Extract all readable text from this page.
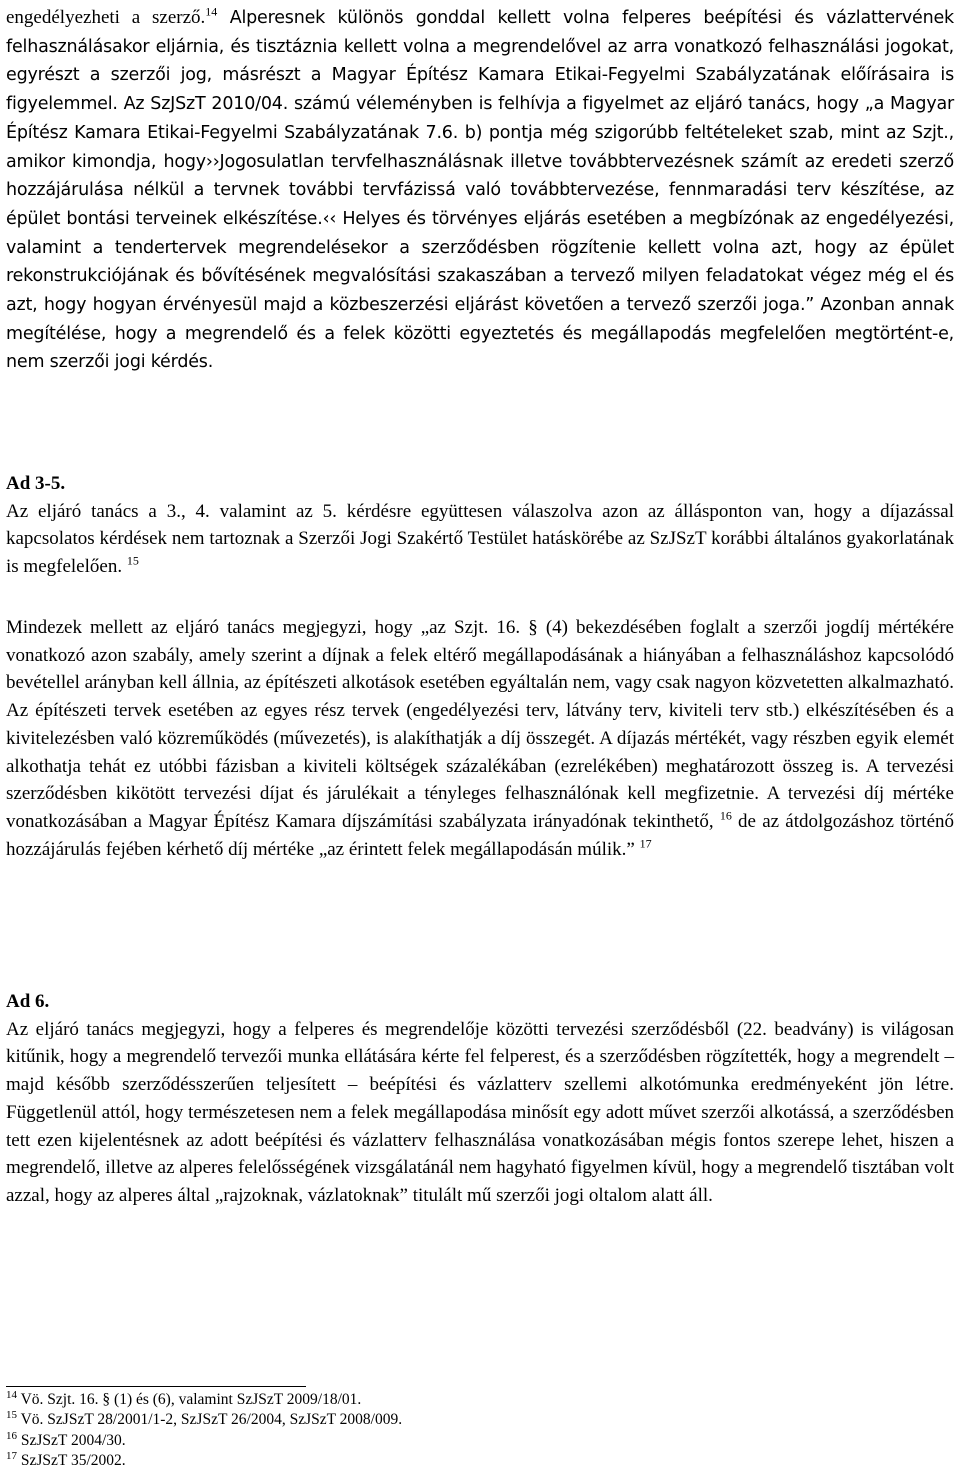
engedélyezheti a szerző.$^{14}$ Alperesnek különös gonddal kellett volna felperes beépítési és vázlattervének felhasználásakor eljárnia, és tisztáznia kellett volna a megrendelővel az arra vonatkozó felhasználási jogokat, egyrészt a szerzői jog, másrészt a Magyar Építész Kamara Etikai-Fegyelmi Szabályzatának előírásaira is figyelemmel. Az SzJSzT 2010/04. számú véleményben is felhívja a figyelmet az eljáró tanács, hogy „a Magyar Építész Kamara Etikai-Fegyelmi Szabályzatának 7.6. b) pontja még szigorúbb feltételeket szab, mint az Szjt., amikor kimondja, hogy››Jogosulatlan tervfelhasználásnak illetve továbbtervezésnek számít az eredeti szerző hozzájárulása nélkül a tervnek további tervfázissá való továbbtervezése, fennmaradási terv készítése, az épület bontási terveinek elkészítése.‹‹ Helyes és törvényes eljárás esetében a megbízónak az engedélyezési, valamint a tendertervek megrendelésekor a szerződésben rögzítenie kellett volna azt, hogy az épület rekonstrukciójának és bővítésének megvalósítási szakaszában a tervező milyen feladatokat végez még el és azt, hogy hogyan érvényesül majd a közbeszerzési eljárást követően a tervező szerzői joga.” Azonban annak megítélése, hogy a megrendelő és a felek közötti egyeztetés és megállapodás megfelelően megtörtént-e, nem szerzői jogi kérdés.

Ad 3-5.

Az eljáró tanács a 3., 4. valamint az 5. kérdésre együttesen válaszolva azon az állásponton van, hogy a díjazással kapcsolatos kérdések nem tartoznak a Szerzői Jogi Szakértő Testület hatáskörébe az SzJSzT korábbi általános gyakorlatának is megfelelően. $^{15}$

Mindezek mellett az eljáró tanács megjegyzi, hogy „az Szjt. 16. § (4) bekezdésében foglalt a szerzői jogdíj mértékére vonatkozó azon szabály, amely szerint a díjnak a felek eltérő megállapodásának a hiányában a felhasználáshoz kapcsolódó bevétellel arányban kell állnia, az építészeti alkotások esetében egyáltalán nem, vagy csak nagyon közvetetten alkalmazható. Az építészeti tervek esetében az egyes rész tervek (engedélyezési terv, látvány terv, kiviteli terv stb.) elkészítésében és a kivitelezésben való közreműködés (művezetés), is alakíthatják a díj összegét. A díjazás mértékét, vagy részben egyik elemét alkothatja tehát ez utóbbi fázisban a kiviteli költségek százalékában (ezrelékében) meghatározott összeg is. A tervezési szerződésben kikötött tervezési díjat és járulékait a tényleges felhasználónak kell megfizetnie. A tervezési díj mértéke vonatkozásában a Magyar Építész Kamara díjszámítási szabályzata irányadónak tekinthető, $^{16}$ de az átdolgozáshoz történő hozzájárulás fejében kérhető díj mértéke „az érintett felek megállapodásán múlik.” $^{17}$

Ad 6.

Az eljáró tanács megjegyzi, hogy a felperes és megrendelője közötti tervezési szerződésből (22. beadvány) is világosan kitűnik, hogy a megrendelő tervezői munka ellátására kérte fel felperest, és a szerződésben rögzítették, hogy a megrendelt – majd később szerződésszerűen teljesített – beépítési és vázlatterv szellemi alkotómunka eredményeként jön létre. Függetlenül attól, hogy természetesen nem a felek megállapodása minősít egy adott művet szerzői alkotássá, a szerződésben tett ezen kijelentésnek az adott beépítési és vázlatterv felhasználása vonatkozásában mégis fontos szerepe lehet, hiszen a megrendelő, illetve az alperes felelősségének vizsgálatánál nem hagyható figyelmen kívül, hogy a megrendelő tisztában volt azzal, hogy az alperes által „rajzoknak, vázlatoknak” titulált mű szerzői jogi oltalom alatt áll.

$^{14}$ Vö. Szjt. 16. § (1) és (6), valamint SzJSzT 2009/18/01.

$^{15}$ Vö. SzJSzT 28/2001/1-2, SzJSzT 26/2004, SzJSzT 2008/009.

$^{16}$ SzJSzT 2004/30.

$^{17}$ SzJSzT 35/2002.
